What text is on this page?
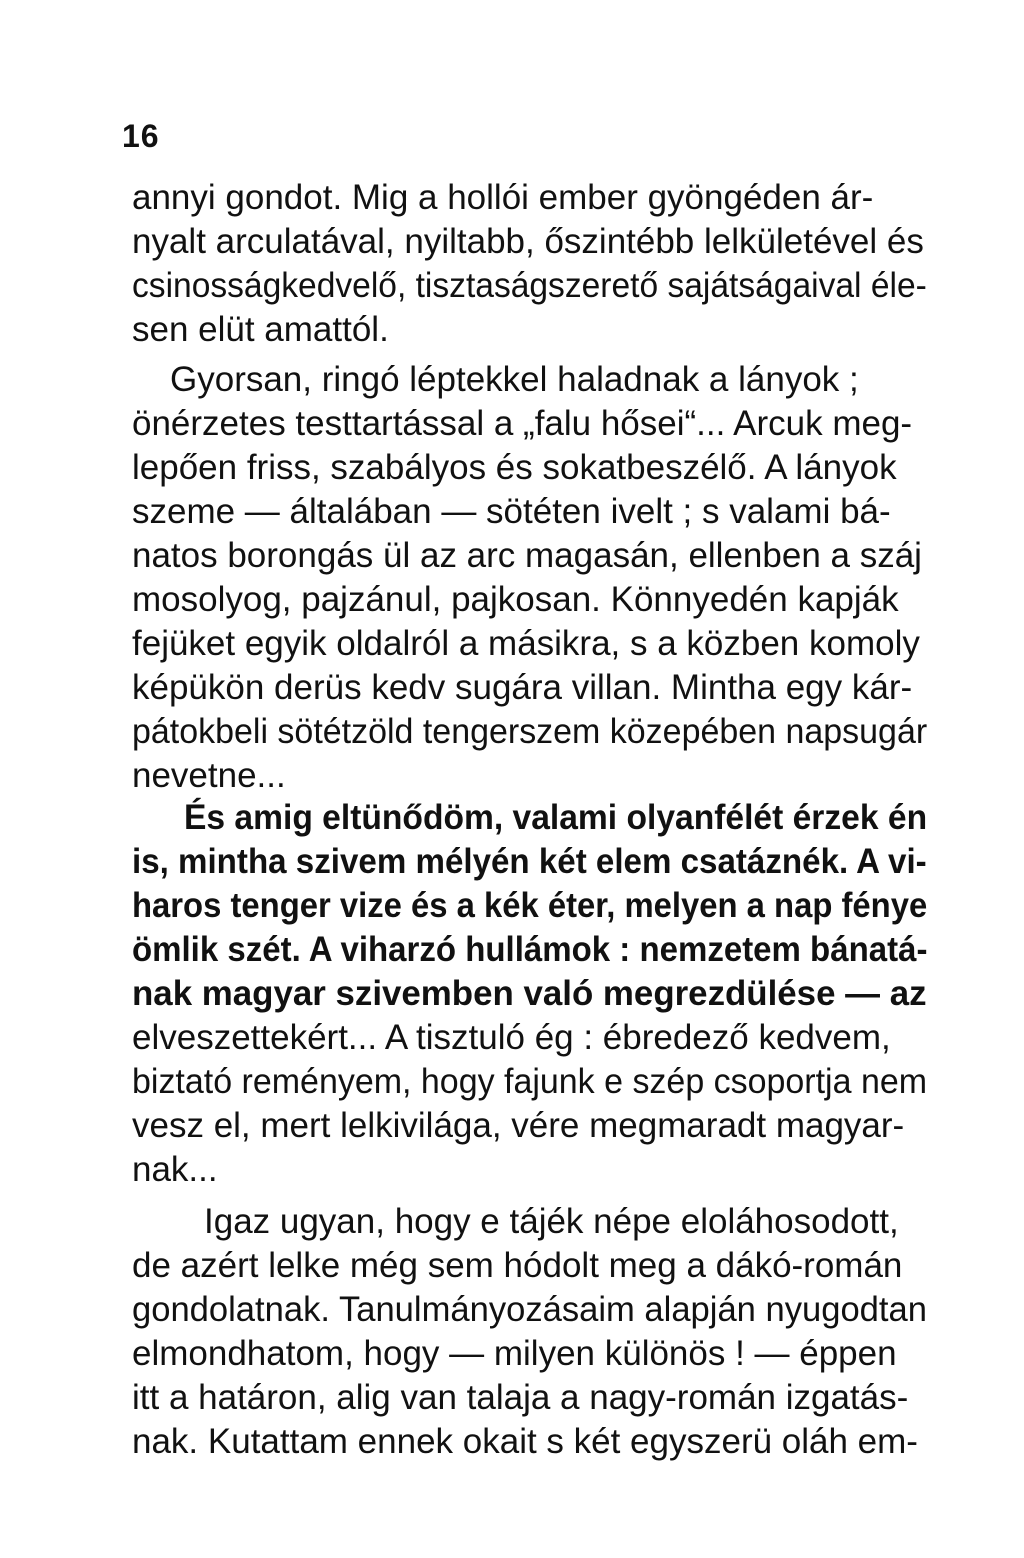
16
annyi gondot. Mig a hollói ember gyöngéden ár-
nyalt arculatával, nyiltabb, őszintébb lelkületével és
csinosságkedvelő, tisztaságszerető sajátságaival éle-
sen elüt amattól.
Gyorsan, ringó léptekkel haladnak a lányok ;
önérzetes testtartással a „falu hősei“... Arcuk meg-
lepően friss, szabályos és sokatbeszélő. A lányok
szeme — általában — sötéten ivelt ; s valami bá-
natos borongás ül az arc magasán, ellenben a száj
mosolyog, pajzánul, pajkosan. Könnyedén kapják
fejüket egyik oldalról a másikra, s a közben komoly
képükön derüs kedv sugára villan. Mintha egy kár-
pátokbeli sötétzöld tengerszem közepében napsugár
nevetne...
És amig eltünődöm, valami olyanfélét érzek én
is, mintha szivem mélyén két elem csatáznék. A vi-
haros tenger vize és a kék éter, melyen a nap fénye
ömlik szét. A viharzó hullámok : nemzetem bánatá-
nak magyar szivemben való megrezdülése — az
elveszettekért... A tisztuló ég : ébredező kedvem,
biztató reményem, hogy fajunk e szép csoportja nem
vesz el, mert lelkivilága, vére megmaradt magyar-
nak...
Igaz ugyan, hogy e tájék népe eloláhosodott,
de azért lelke még sem hódolt meg a dákó-román
gondolatnak. Tanulmányozásaim alapján nyugodtan
elmondhatom, hogy — milyen különös ! — éppen
itt a határon, alig van talaja a nagy-román izgatás-
nak. Kutattam ennek okait s két egyszerü oláh em-
